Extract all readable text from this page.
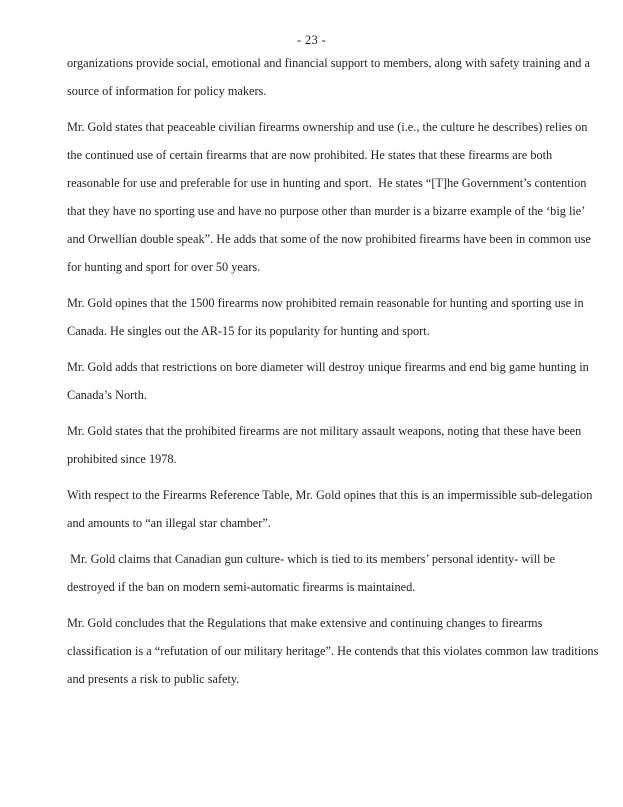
- 23 -

organizations provide social, emotional and financial support to members, along with safety training and a source of information for policy makers.

Mr. Gold states that peaceable civilian firearms ownership and use (i.e., the culture he describes) relies on the continued use of certain firearms that are now prohibited. He states that these firearms are both reasonable for use and preferable for use in hunting and sport.  He states “[T]he Government’s contention that they have no sporting use and have no purpose other than murder is a bizarre example of the ‘big lie’ and Orwellian double speak”. He adds that some of the now prohibited firearms have been in common use for hunting and sport for over 50 years.

Mr. Gold opines that the 1500 firearms now prohibited remain reasonable for hunting and sporting use in Canada. He singles out the AR-15 for its popularity for hunting and sport.

Mr. Gold adds that restrictions on bore diameter will destroy unique firearms and end big game hunting in Canada’s North.

Mr. Gold states that the prohibited firearms are not military assault weapons, noting that these have been prohibited since 1978.

With respect to the Firearms Reference Table, Mr. Gold opines that this is an impermissible sub-delegation and amounts to “an illegal star chamber”.

Mr. Gold claims that Canadian gun culture- which is tied to its members’ personal identity- will be destroyed if the ban on modern semi-automatic firearms is maintained.

Mr. Gold concludes that the Regulations that make extensive and continuing changes to firearms classification is a “refutation of our military heritage”. He contends that this violates common law traditions and presents a risk to public safety.
